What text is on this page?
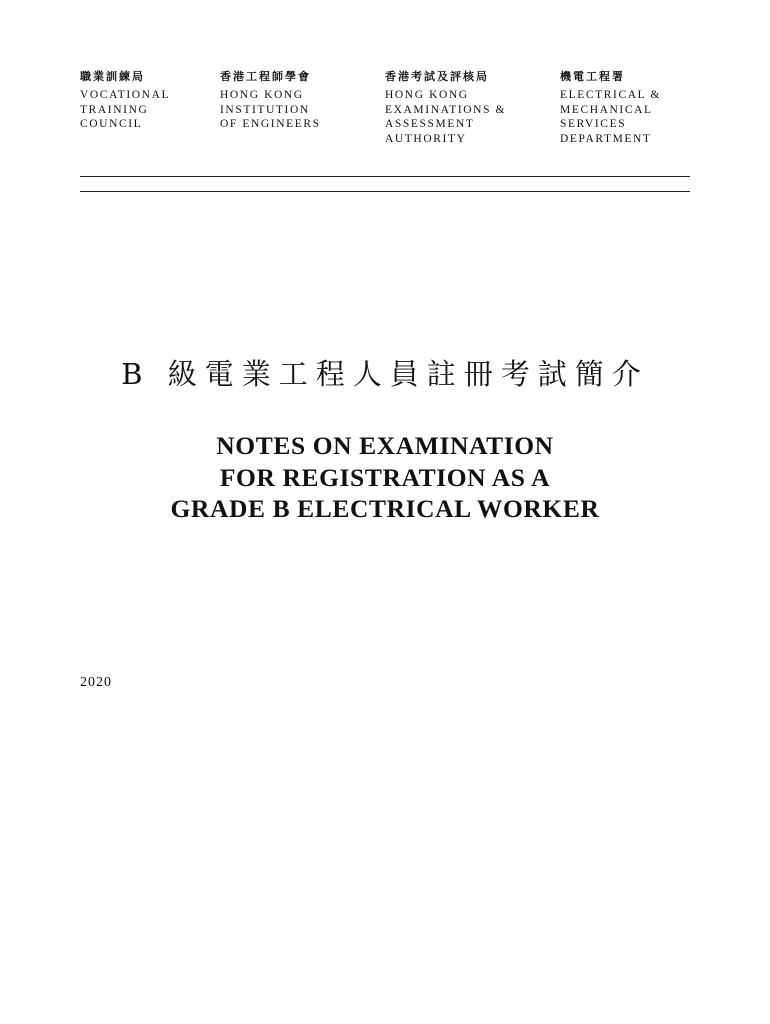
職業訓練局
VOCATIONAL
TRAINING
COUNCIL
香港工程師學會
HONG KONG
INSTITUTION
OF ENGINEERS
香港考試及評核局
HONG KONG
EXAMINATIONS &
ASSESSMENT
AUTHORITY
機電工程署
ELECTRICAL &
MECHANICAL
SERVICES
DEPARTMENT
B 級電業工程人員註冊考試簡介
NOTES ON EXAMINATION
FOR REGISTRATION AS A
GRADE B ELECTRICAL WORKER
2020
